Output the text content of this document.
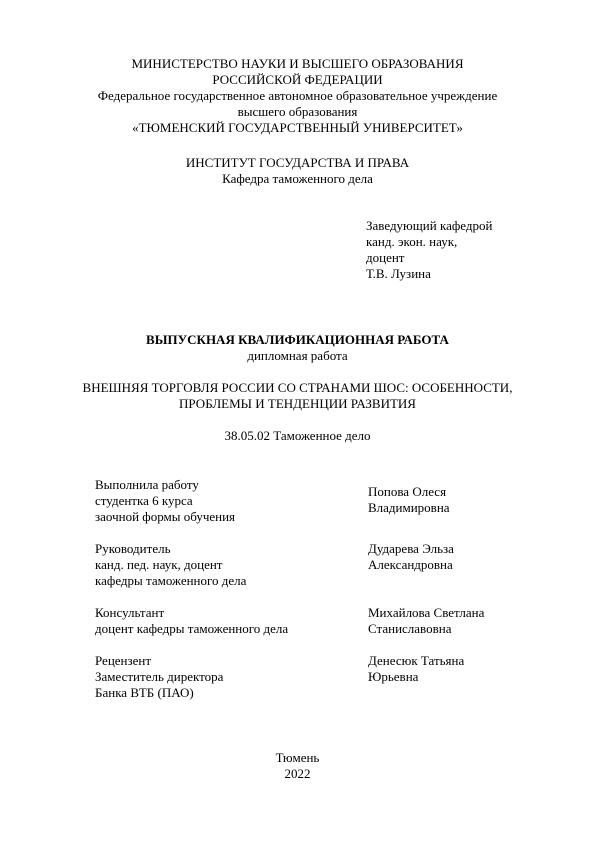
МИНИСТЕРСТВО НАУКИ И ВЫСШЕГО ОБРАЗОВАНИЯ
РОССИЙСКОЙ ФЕДЕРАЦИИ
Федеральное государственное автономное образовательное учреждение
высшего образования
«ТЮМЕНСКИЙ ГОСУДАРСТВЕННЫЙ УНИВЕРСИТЕТ»
ИНСТИТУТ ГОСУДАРСТВА И ПРАВА
Кафедра таможенного дела
Заведующий кафедрой
канд. экон. наук,
доцент
Т.В. Лузина
ВЫПУСКНАЯ КВАЛИФИКАЦИОННАЯ РАБОТА
дипломная работа
ВНЕШНЯЯ ТОРГОВЛЯ РОССИИ СО СТРАНАМИ ШОС: ОСОБЕННОСТИ,
ПРОБЛЕМЫ И ТЕНДЕНЦИИ РАЗВИТИЯ
38.05.02 Таможенное дело
Выполнила работу
студентка 6 курса
заочной формы обучения
Попова Олеся
Владимировна
Руководитель
канд. пед. наук, доцент
кафедры таможенного дела
Дударева Эльза
Александровна
Консультант
доцент кафедры таможенного дела
Михайлова Светлана
Станиславовна
Рецензент
Заместитель директора
Банка ВТБ (ПАО)
Денесюк Татьяна
Юрьевна
Тюмень
2022
